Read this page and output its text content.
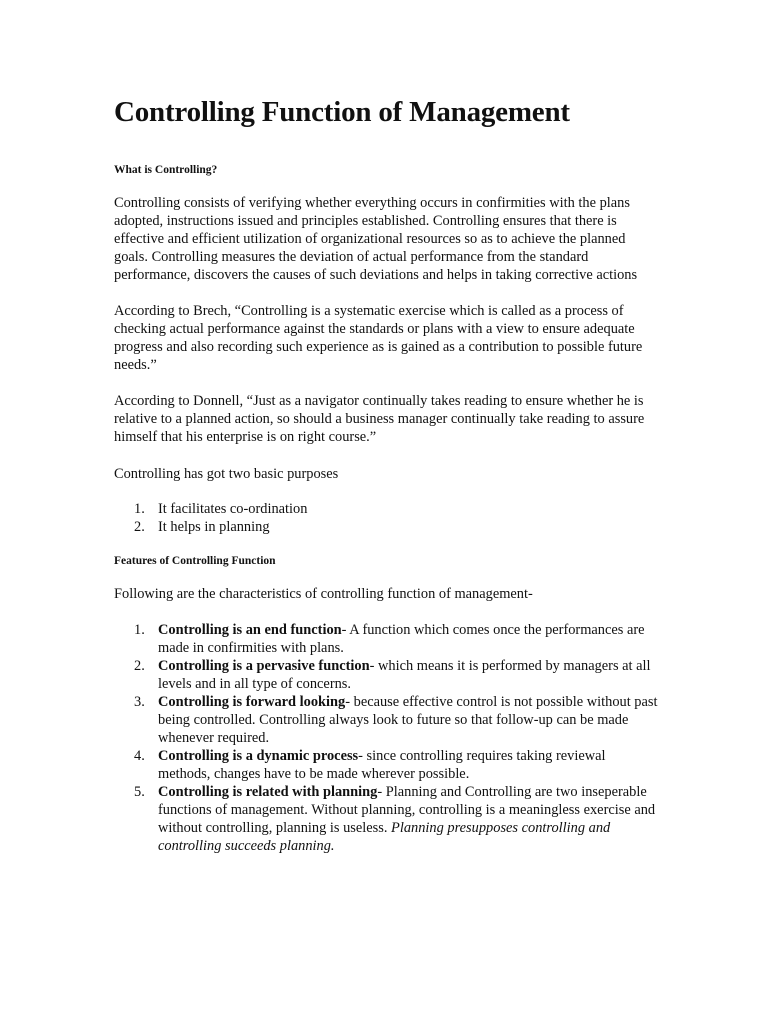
Controlling Function of Management
What is Controlling?

Controlling consists of verifying whether everything occurs in confirmities with the plans adopted, instructions issued and principles established. Controlling ensures that there is effective and efficient utilization of organizational resources so as to achieve the planned goals. Controlling measures the deviation of actual performance from the standard performance, discovers the causes of such deviations and helps in taking corrective actions

According to Brech, “Controlling is a systematic exercise which is called as a process of checking actual performance against the standards or plans with a view to ensure adequate progress and also recording such experience as is gained as a contribution to possible future needs.”

According to Donnell, “Just as a navigator continually takes reading to ensure whether he is relative to a planned action, so should a business manager continually take reading to assure himself that his enterprise is on right course.”

Controlling has got two basic purposes

1. It facilitates co-ordination
2. It helps in planning
Features of Controlling Function

Following are the characteristics of controlling function of management-

1. Controlling is an end function- A function which comes once the performances are made in confirmities with plans.
2. Controlling is a pervasive function- which means it is performed by managers at all levels and in all type of concerns.
3. Controlling is forward looking- because effective control is not possible without past being controlled. Controlling always look to future so that follow-up can be made whenever required.
4. Controlling is a dynamic process- since controlling requires taking reviewal methods, changes have to be made wherever possible.
5. Controlling is related with planning- Planning and Controlling are two inseperable functions of management. Without planning, controlling is a meaningless exercise and without controlling, planning is useless. Planning presupposes controlling and controlling succeeds planning.
